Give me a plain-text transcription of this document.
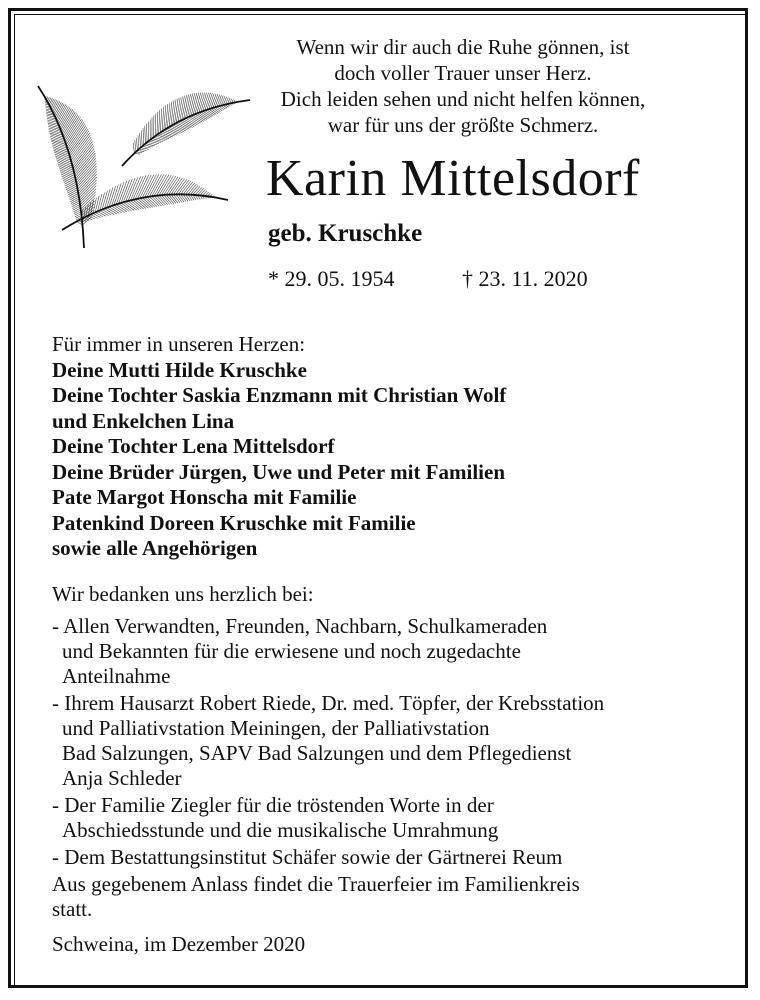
Wenn wir dir auch die Ruhe gönnen, ist
doch voller Trauer unser Herz.
Dich leiden sehen und nicht helfen können,
war für uns der größte Schmerz.
Karin Mittelsdorf
geb. Kruschke
* 29. 05. 1954	† 23. 11. 2020
Für immer in unseren Herzen:
Deine Mutti Hilde Kruschke
Deine Tochter Saskia Enzmann mit Christian Wolf
und Enkelchen Lina
Deine Tochter Lena Mittelsdorf
Deine Brüder Jürgen, Uwe und Peter mit Familien
Pate Margot Honscha mit Familie
Patenkind Doreen Kruschke mit Familie
sowie alle Angehörigen
Wir bedanken uns herzlich bei:
- Allen Verwandten, Freunden, Nachbarn, Schulkameraden
und Bekannten für die erwiesene und noch zugedachte
Anteilnahme
- Ihrem Hausarzt Robert Riede, Dr. med. Töpfer, der Krebsstation
und Palliativstation Meiningen, der Palliativstation
Bad Salzungen, SAPV Bad Salzungen und dem Pflegedienst
Anja Schleder
- Der Familie Ziegler für die tröstenden Worte in der
Abschiedsstunde und die musikalische Umrahmung
- Dem Bestattungsinstitut Schäfer sowie der Gärtnerei Reum
Aus gegebenem Anlass findet die Trauerfeier im Familienkreis
statt.
Schweina, im Dezember 2020
